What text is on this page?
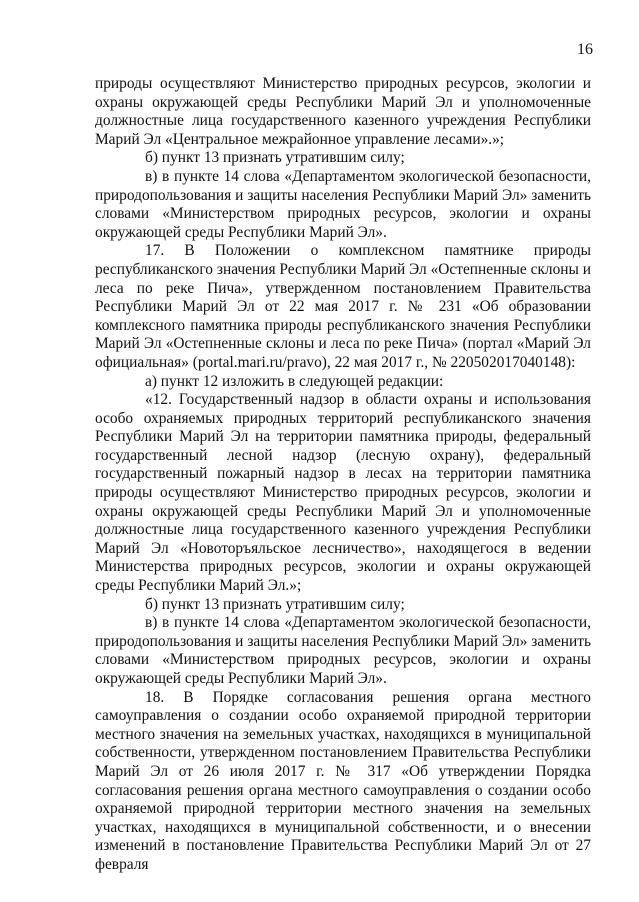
16

природы осуществляют Министерство природных ресурсов, экологии и охраны окружающей среды Республики Марий Эл и уполномоченные должностные лица государственного казенного учреждения Республики Марий Эл «Центральное межрайонное управление лесами».»;

б) пункт 13 признать утратившим силу;

в) в пункте 14 слова «Департаментом экологической безопасности, природопользования и защиты населения Республики Марий Эл» заменить словами «Министерством природных ресурсов, экологии и охраны окружающей среды Республики Марий Эл».

17. В Положении о комплексном памятнике природы республиканского значения Республики Марий Эл «Остепненные склоны и леса по реке Пича», утвержденном постановлением Правительства Республики Марий Эл от 22 мая 2017 г. № 231 «Об образовании комплексного памятника природы республиканского значения Республики Марий Эл «Остепненные склоны и леса по реке Пича» (портал «Марий Эл официальная» (portal.mari.ru/pravo), 22 мая 2017 г., № 220502017040148):

а) пункт 12 изложить в следующей редакции:

«12. Государственный надзор в области охраны и использования особо охраняемых природных территорий республиканского значения Республики Марий Эл на территории памятника природы, федеральный государственный лесной надзор (лесную охрану), федеральный государственный пожарный надзор в лесах на территории памятника природы осуществляют Министерство природных ресурсов, экологии и охраны окружающей среды Республики Марий Эл и уполномоченные должностные лица государственного казенного учреждения Республики Марий Эл «Новоторъяльское лесничество», находящегося в ведении Министерства природных ресурсов, экологии и охраны окружающей среды Республики Марий Эл.»;

б) пункт 13 признать утратившим силу;

в) в пункте 14 слова «Департаментом экологической безопасности, природопользования и защиты населения Республики Марий Эл» заменить словами «Министерством природных ресурсов, экологии и охраны окружающей среды Республики Марий Эл».

18. В Порядке согласования решения органа местного самоуправления о создании особо охраняемой природной территории местного значения на земельных участках, находящихся в муниципальной собственности, утвержденном постановлением Правительства Республики Марий Эл от 26 июля 2017 г. № 317 «Об утверждении Порядка согласования решения органа местного самоуправления о создании особо охраняемой природной территории местного значения на земельных участках, находящихся в муниципальной собственности, и о внесении изменений в постановление Правительства Республики Марий Эл от 27 февраля
